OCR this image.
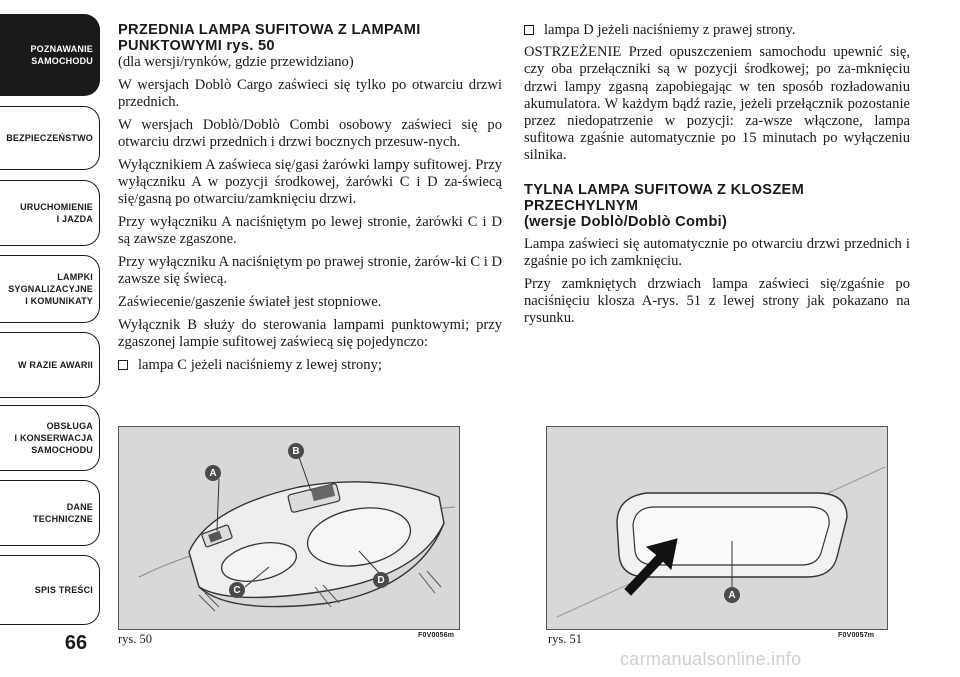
POZNAWANIE
SAMOCHODU
BEZPIECZEŃSTWO
URUCHOMIENIE
I JAZDA
LAMPKI
SYGNALIZACYJNE
I KOMUNIKATY
W RAZIE AWARII
OBSŁUGA
I KONSERWACJA
SAMOCHODU
DANE
TECHNICZNE
SPIS TREŚCI
66
PRZEDNIA LAMPA SUFITOWA Z LAMPAMI PUNKTOWYMI rys. 50

(dla wersji/rynków, gdzie przewidziano)

W wersjach Doblò Cargo zaświeci się tylko po otwarciu drzwi przednich.

W wersjach Doblò/Doblò Combi osobowy zaświeci się po otwarciu drzwi przednich i drzwi bocznych przesuw-nych.

Wyłącznikiem A zaświeca się/gasi żarówki lampy sufitowej. Przy wyłączniku A w pozycji środkowej, żarówki C i D za-świecą się/gasną po otwarciu/zamknięciu drzwi.

Przy wyłączniku A naciśniętym po lewej stronie, żarówki C i D są zawsze zgaszone.

Przy wyłączniku A naciśniętym po prawej stronie, żarów-ki C i D zawsze się świecą.

Zaświecenie/gaszenie świateł jest stopniowe.

Wyłącznik B służy do sterowania lampami punktowymi; przy zgaszonej lampie sufitowej zaświecą się pojedynczo:

lampa C jeżeli naciśniemy z lewej strony;
lampa D jeżeli naciśniemy z prawej strony.

OSTRZEŻENIE Przed opuszczeniem samochodu upewnić się, czy oba przełączniki są w pozycji środkowej; po za-mknięciu drzwi lampy zgasną zapobiegając w ten sposób rozładowaniu akumulatora. W każdym bądź razie, jeżeli przełącznik pozostanie przez niedopatrzenie w pozycji: za-wsze włączone, lampa sufitowa zgaśnie automatycznie po 15 minutach po wyłączeniu silnika.

TYLNA LAMPA SUFITOWA Z KLOSZEM
PRZECHYLNYM
(wersje Doblò/Doblò Combi)

Lampa zaświeci się automatycznie po otwarciu drzwi przednich i zgaśnie po ich zamknięciu.

Przy zamkniętych drzwiach lampa zaświeci się/zgaśnie po naciśnięciu klosza A-rys. 51 z lewej strony jak pokazano na rysunku.

A
B
C
D
rys. 50	F0V0056m
A
rys. 51	F0V0057m
carmanualsonline.info
